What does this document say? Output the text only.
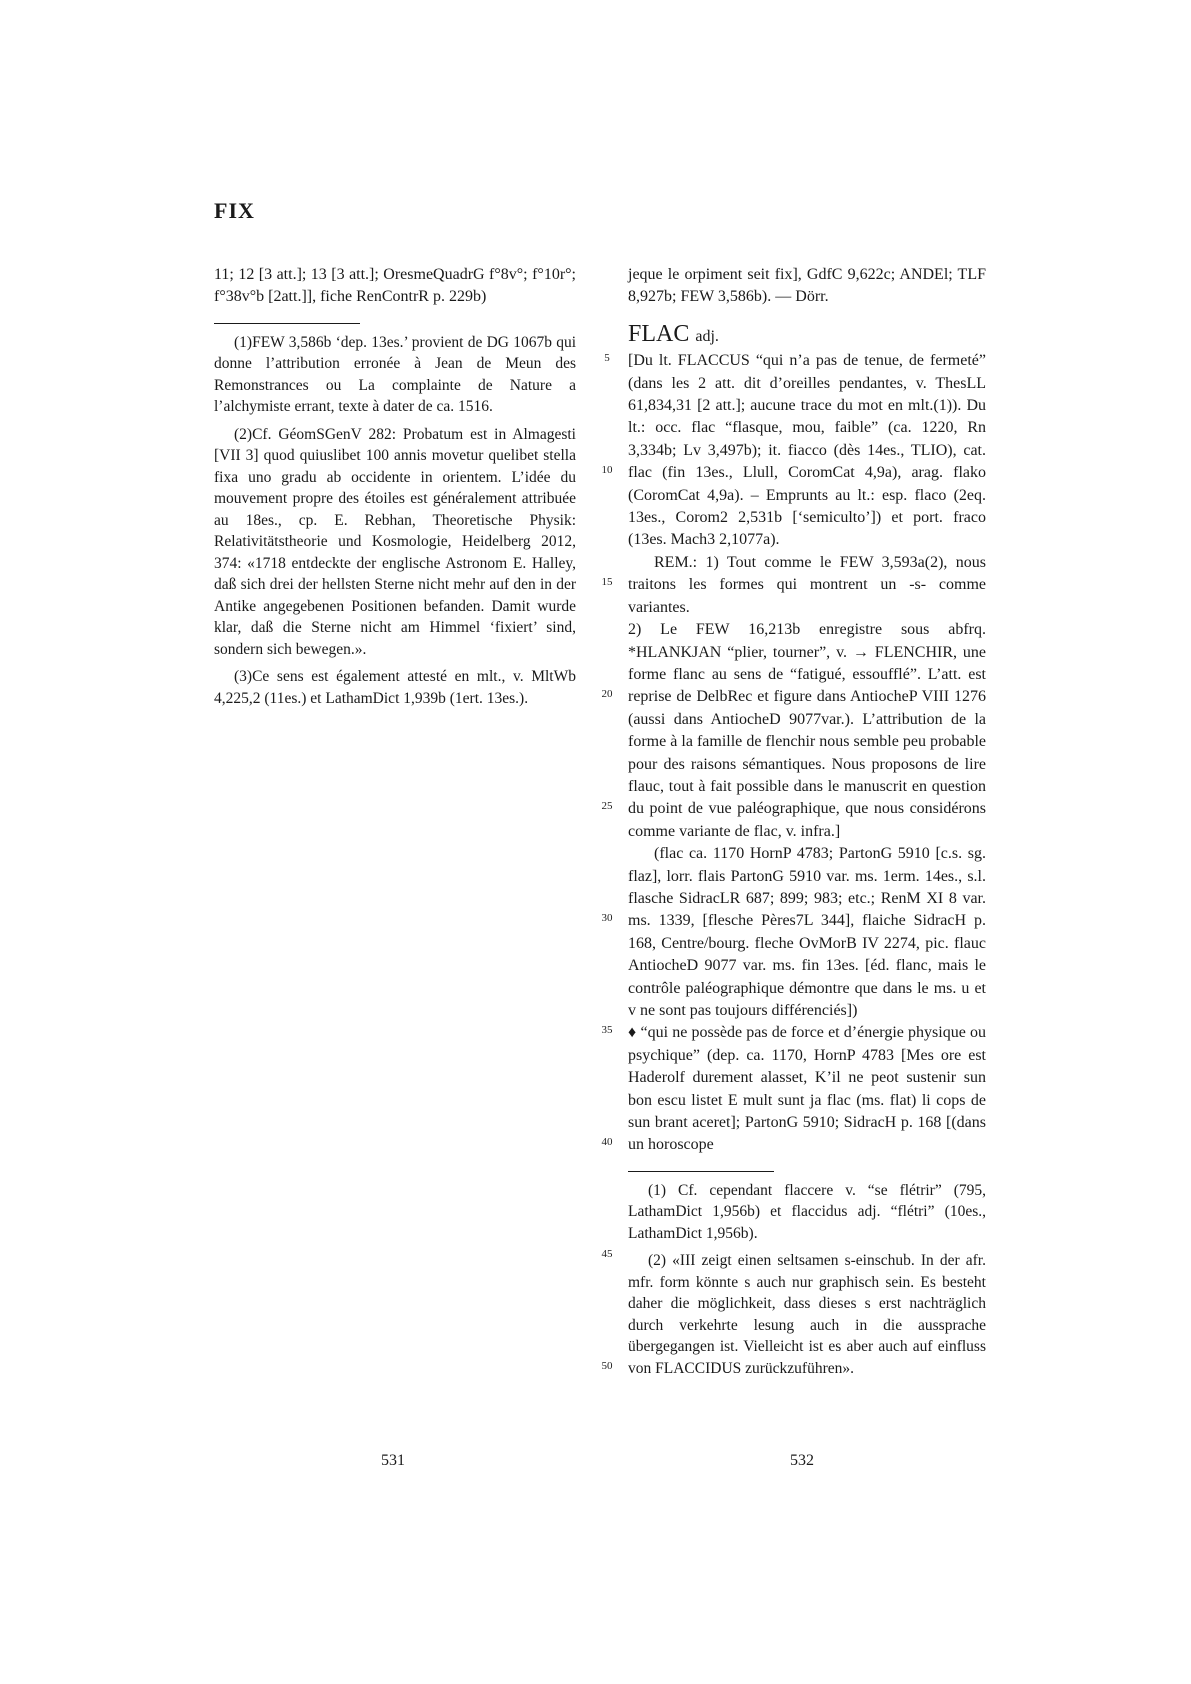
FIX

11; 12 [3 att.]; 13 [3 att.]; OresmeQuadrG f°8v°; f°10r°; f°38v°b [2att.]], fiche RenContrR p. 229b)

(1)FEW 3,586b ‘dep. 13es.’ provient de DG 1067b qui donne l’attribution erronée à Jean de Meun des Remonstrances ou La complainte de Nature a l’alchymiste errant, texte à dater de ca. 1516.

(2)Cf. GéomSGenV 282: Probatum est in Almagesti [VII 3] quod quiuslibet 100 annis movetur quelibet stella fixa uno gradu ab occidente in orientem. L’idée du mouvement propre des étoiles est généralement attribuée au 18es., cp. E. Rebhan, Theoretische Physik: Relativitätstheorie und Kosmologie, Heidelberg 2012, 374: «1718 entdeckte der englische Astronom E. Halley, daß sich drei der hellsten Sterne nicht mehr auf den in der Antike angegebenen Positionen befanden. Damit wurde klar, daß die Sterne nicht am Himmel ‘fixiert’ sind, sondern sich bewegen.».

(3)Ce sens est également attesté en mlt., v. MltWb 4,225,2 (11es.) et LathamDict 1,939b (1ert. 13es.).

5
10
15
20
25
30
35
40
45
50

jeque le orpiment seit fix], GdfC 9,622c; ANDEl; TLF 8,927b; FEW 3,586b). — Dörr.

FLAC adj.

[Du lt. FLACCUS “qui n’a pas de tenue, de fermeté” (dans les 2 att. dit d’oreilles pendantes, v. ThesLL 61,834,31 [2 att.]; aucune trace du mot en mlt.(1)). Du lt.: occ. flac “flasque, mou, faible” (ca. 1220, Rn 3,334b; Lv 3,497b); it. fiacco (dès 14es., TLIO), cat. flac (fin 13es., Llull, CoromCat 4,9a), arag. flako (CoromCat 4,9a). – Emprunts au lt.: esp. flaco (2eq. 13es., Corom2 2,531b [‘semiculto’]) et port. fraco (13es. Mach3 2,1077a).

REM.: 1) Tout comme le FEW 3,593a(2), nous traitons les formes qui montrent un -s- comme variantes.

2) Le FEW 16,213b enregistre sous abfrq. *HLANKJAN “plier, tourner”, v. → FLENCHIR, une forme flanc au sens de “fatigué, essoufflé”. L’att. est reprise de DelbRec et figure dans AntiocheP VIII 1276 (aussi dans AntiocheD 9077var.). L’attribution de la forme à la famille de flenchir nous semble peu probable pour des raisons sémantiques. Nous proposons de lire flauc, tout à fait possible dans le manuscrit en question du point de vue paléographique, que nous considérons comme variante de flac, v. infra.]

(flac ca. 1170 HornP 4783; PartonG 5910 [c.s. sg. flaz], lorr. flais PartonG 5910 var. ms. 1erm. 14es., s.l. flasche SidracLR 687; 899; 983; etc.; RenM XI 8 var. ms. 1339, [flesche Pères7L 344], flaiche SidracH p. 168, Centre/bourg. fleche OvMorB IV 2274, pic. flauc AntiocheD 9077 var. ms. fin 13es. [éd. flanc, mais le contrôle paléographique démontre que dans le ms. u et v ne sont pas toujours différenciés])

♦ “qui ne possède pas de force et d’énergie physique ou psychique” (dep. ca. 1170, HornP 4783 [Mes ore est Haderolf durement alasset, K’il ne peot sustenir sun bon escu listet E mult sunt ja flac (ms. flat) li cops de sun brant aceret]; PartonG 5910; SidracH p. 168 [(dans un horoscope

(1) Cf. cependant flaccere v. “se flétrir” (795, LathamDict 1,956b) et flaccidus adj. “flétri” (10es., LathamDict 1,956b).

(2) «III zeigt einen seltsamen s-einschub. In der afr. mfr. form könnte s auch nur graphisch sein. Es besteht daher die möglichkeit, dass dieses s erst nachträglich durch verkehrte lesung auch in die aussprache übergegangen ist. Vielleicht ist es aber auch auf einfluss von FLACCIDUS zurückzuführen».

531	532
